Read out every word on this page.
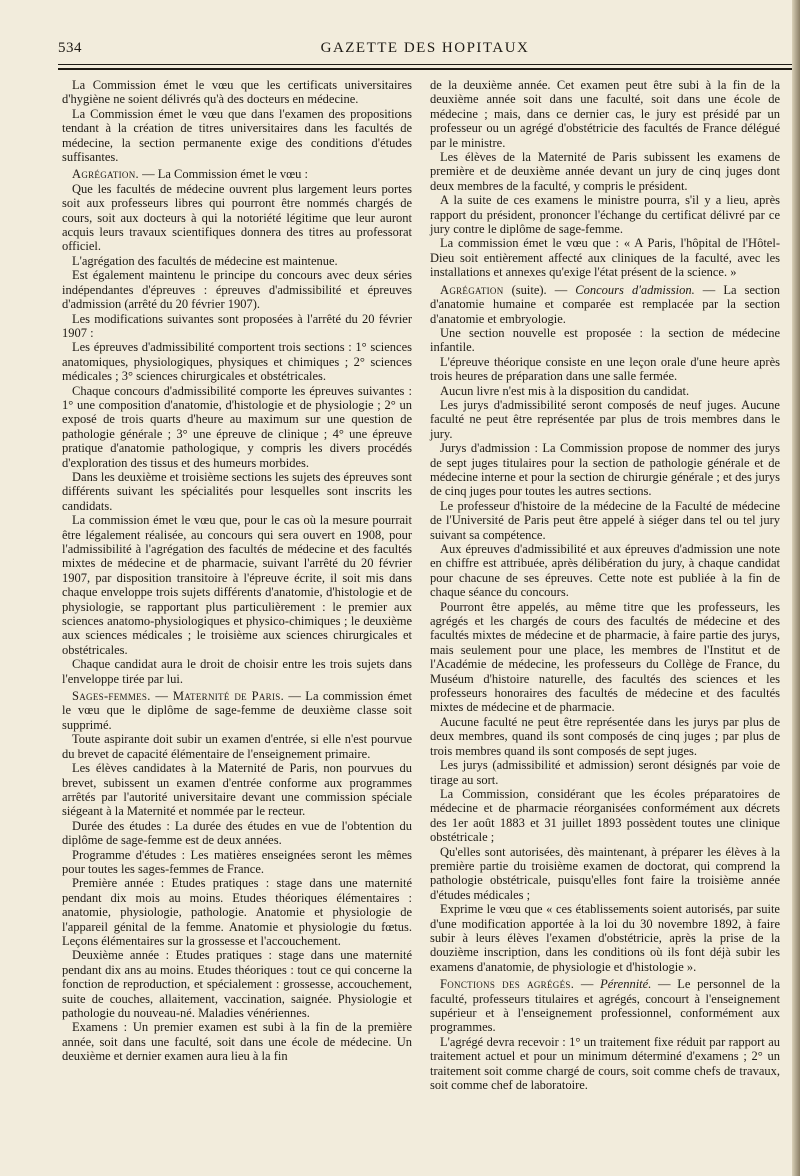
534	GAZETTE DES HOPITAUX

La Commission émet le vœu que les certificats universitaires d'hygiène ne soient délivrés qu'à des docteurs en médecine.

La Commission émet le vœu que dans l'examen des propositions tendant à la création de titres universitaires dans les facultés de médecine, la section permanente exige des conditions d'études suffisantes.

Agrégation. — La Commission émet le vœu :

Que les facultés de médecine ouvrent plus largement leurs portes soit aux professeurs libres qui pourront être nommés chargés de cours, soit aux docteurs à qui la notoriété légitime que leur auront acquis leurs travaux scientifiques donnera des titres au professorat officiel.

L'agrégation des facultés de médecine est maintenue.

Est également maintenu le principe du concours avec deux séries indépendantes d'épreuves : épreuves d'admissibilité et épreuves d'admission (arrêté du 20 février 1907).

Les modifications suivantes sont proposées à l'arrêté du 20 février 1907 :

Les épreuves d'admissibilité comportent trois sections : 1° sciences anatomiques, physiologiques, physiques et chimiques ; 2° sciences médicales ; 3° sciences chirurgicales et obstétricales.

Chaque concours d'admissibilité comporte les épreuves suivantes : 1° une composition d'anatomie, d'histologie et de physiologie ; 2° un exposé de trois quarts d'heure au maximum sur une question de pathologie générale ; 3° une épreuve de clinique ; 4° une épreuve pratique d'anatomie pathologique, y compris les divers procédés d'exploration des tissus et des humeurs morbides.

Dans les deuxième et troisième sections les sujets des épreuves sont différents suivant les spécialités pour lesquelles sont inscrits les candidats.

La commission émet le vœu que, pour le cas où la mesure pourrait être légalement réalisée, au concours qui sera ouvert en 1908, pour l'admissibilité à l'agrégation des facultés de médecine et des facultés mixtes de médecine et de pharmacie, suivant l'arrêté du 20 février 1907, par disposition transitoire à l'épreuve écrite, il soit mis dans chaque enveloppe trois sujets différents d'anatomie, d'histologie et de physiologie, se rapportant plus particulièrement : le premier aux sciences anatomo-physiologiques et physico-chimiques ; le deuxième aux sciences médicales ; le troisième aux sciences chirurgicales et obstétricales.

Chaque candidat aura le droit de choisir entre les trois sujets dans l'enveloppe tirée par lui.

Sages-femmes. — Maternité de Paris. — La commission émet le vœu que le diplôme de sage-femme de deuxième classe soit supprimé.

Toute aspirante doit subir un examen d'entrée, si elle n'est pourvue du brevet de capacité élémentaire de l'enseignement primaire.

Les élèves candidates à la Maternité de Paris, non pourvues du brevet, subissent un examen d'entrée conforme aux programmes arrêtés par l'autorité universitaire devant une commission spéciale siégeant à la Maternité et nommée par le recteur.

Durée des études : La durée des études en vue de l'obtention du diplôme de sage-femme est de deux années.

Programme d'études : Les matières enseignées seront les mêmes pour toutes les sages-femmes de France.

Première année : Etudes pratiques : stage dans une maternité pendant dix mois au moins. Etudes théoriques élémentaires : anatomie, physiologie, pathologie. Anatomie et physiologie de l'appareil génital de la femme. Anatomie et physiologie du fœtus. Leçons élémentaires sur la grossesse et l'accouchement.

Deuxième année : Etudes pratiques : stage dans une maternité pendant dix ans au moins. Etudes théoriques : tout ce qui concerne la fonction de reproduction, et spécialement : grossesse, accouchement, suite de couches, allaitement, vaccination, saignée. Physiologie et pathologie du nouveau-né. Maladies vénériennes.

Examens : Un premier examen est subi à la fin de la première année, soit dans une faculté, soit dans une école de médecine. Un deuxième et dernier examen aura lieu à la fin

de la deuxième année. Cet examen peut être subi à la fin de la deuxième année soit dans une faculté, soit dans une école de médecine ; mais, dans ce dernier cas, le jury est présidé par un professeur ou un agrégé d'obstétricie des facultés de France délégué par le ministre.

Les élèves de la Maternité de Paris subissent les examens de première et de deuxième année devant un jury de cinq juges dont deux membres de la faculté, y compris le président.

A la suite de ces examens le ministre pourra, s'il y a lieu, après rapport du président, prononcer l'échange du certificat délivré par ce jury contre le diplôme de sage-femme.

La commission émet le vœu que : « A Paris, l'hôpital de l'Hôtel-Dieu soit entièrement affecté aux cliniques de la faculté, avec les installations et annexes qu'exige l'état présent de la science. »

Agrégation (suite). — Concours d'admission. — La section d'anatomie humaine et comparée est remplacée par la section d'anatomie et embryologie.

Une section nouvelle est proposée : la section de médecine infantile.

L'épreuve théorique consiste en une leçon orale d'une heure après trois heures de préparation dans une salle fermée.

Aucun livre n'est mis à la disposition du candidat.

Les jurys d'admissibilité seront composés de neuf juges. Aucune faculté ne peut être représentée par plus de trois membres dans le jury.

Jurys d'admission : La Commission propose de nommer des jurys de sept juges titulaires pour la section de pathologie générale et de médecine interne et pour la section de chirurgie générale ; et des jurys de cinq juges pour toutes les autres sections.

Le professeur d'histoire de la médecine de la Faculté de médecine de l'Université de Paris peut être appelé à siéger dans tel ou tel jury suivant sa compétence.

Aux épreuves d'admissibilité et aux épreuves d'admission une note en chiffre est attribuée, après délibération du jury, à chaque candidat pour chacune de ses épreuves. Cette note est publiée à la fin de chaque séance du concours.

Pourront être appelés, au même titre que les professeurs, les agrégés et les chargés de cours des facultés de médecine et des facultés mixtes de médecine et de pharmacie, à faire partie des jurys, mais seulement pour une place, les membres de l'Institut et de l'Académie de médecine, les professeurs du Collège de France, du Muséum d'histoire naturelle, des facultés des sciences et les professeurs honoraires des facultés de médecine et des facultés mixtes de médecine et de pharmacie.

Aucune faculté ne peut être représentée dans les jurys par plus de deux membres, quand ils sont composés de cinq juges ; par plus de trois membres quand ils sont composés de sept juges.

Les jurys (admissibilité et admission) seront désignés par voie de tirage au sort.

La Commission, considérant que les écoles préparatoires de médecine et de pharmacie réorganisées conformément aux décrets des 1er août 1883 et 31 juillet 1893 possèdent toutes une clinique obstétricale ;

Qu'elles sont autorisées, dès maintenant, à préparer les élèves à la première partie du troisième examen de doctorat, qui comprend la pathologie obstétricale, puisqu'elles font faire la troisième année d'études médicales ;

Exprime le vœu que « ces établissements soient autorisés, par suite d'une modification apportée à la loi du 30 novembre 1892, à faire subir à leurs élèves l'examen d'obstétricie, après la prise de la douzième inscription, dans les conditions où ils font déjà subir les examens d'anatomie, de physiologie et d'histologie ».

Fonctions des agrégés. — Pérennité. — Le personnel de la faculté, professeurs titulaires et agrégés, concourt à l'enseignement supérieur et à l'enseignement professionnel, conformément aux programmes.

L'agrégé devra recevoir : 1° un traitement fixe réduit par rapport au traitement actuel et pour un minimum déterminé d'examens ; 2° un traitement soit comme chargé de cours, soit comme chefs de travaux, soit comme chef de laboratoire.
